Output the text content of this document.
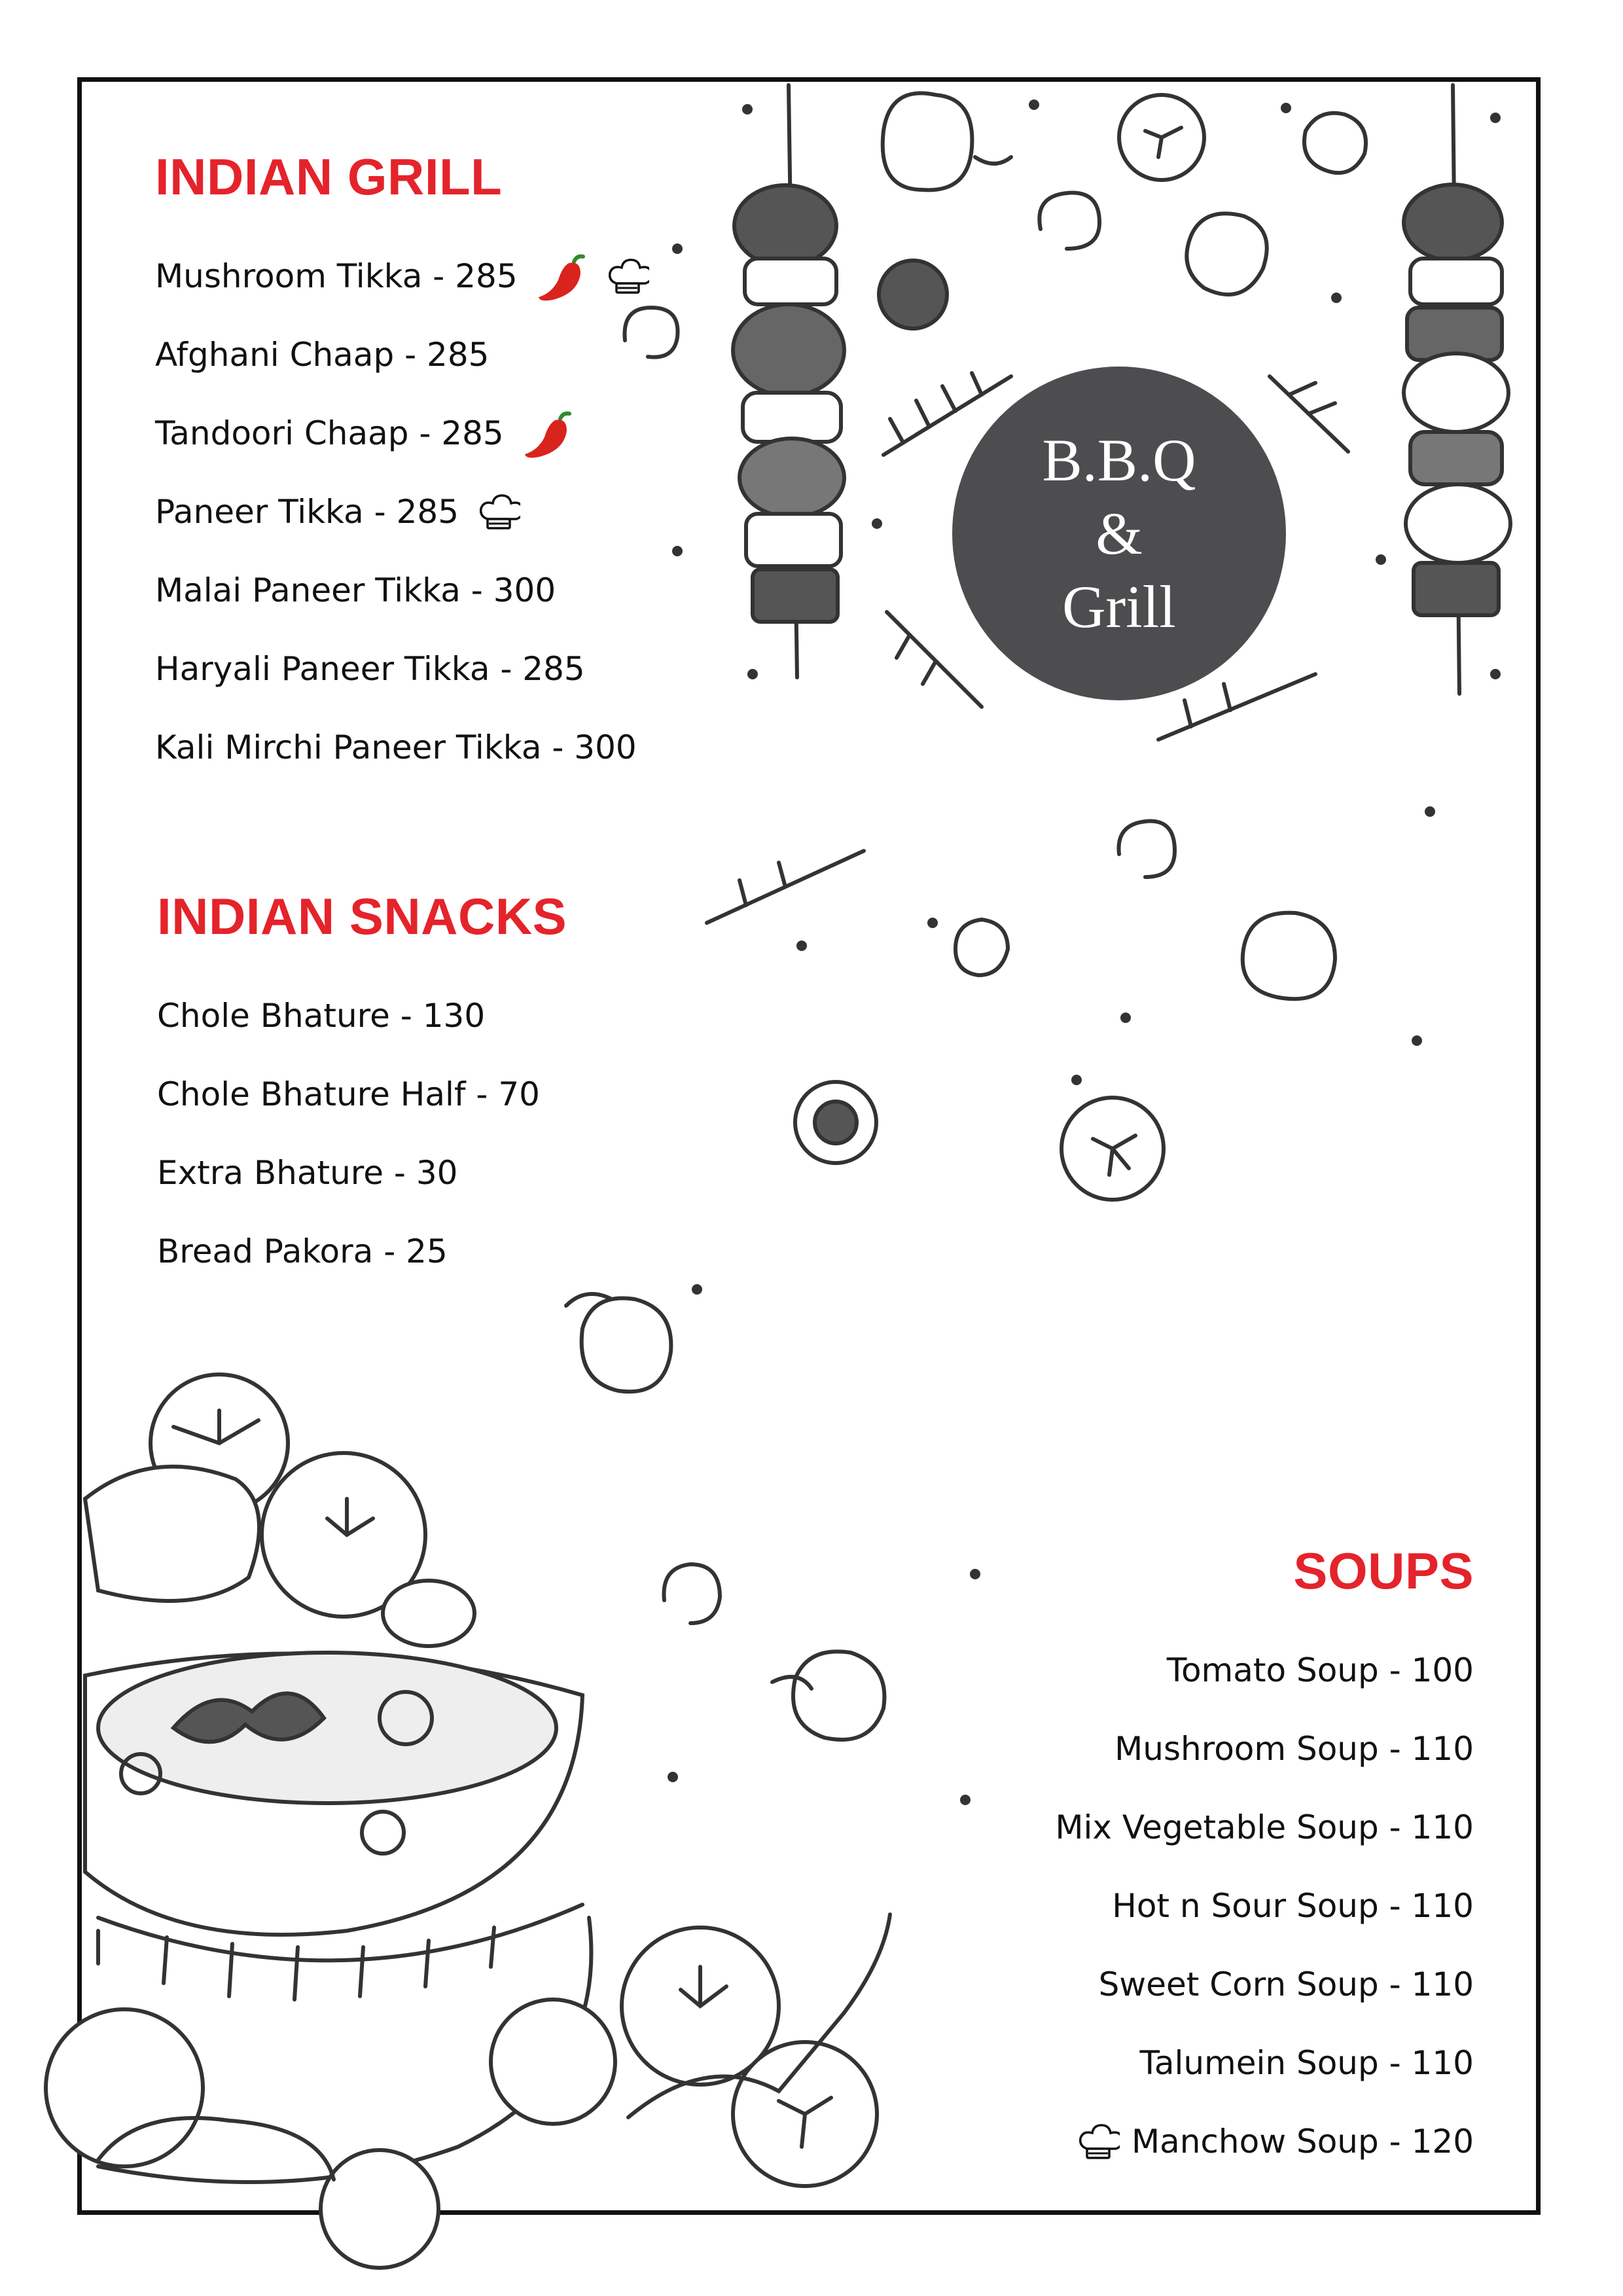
B.B.Q
&
Grill
INDIAN GRILL
Mushroom Tikka - 285
Afghani Chaap - 285
Tandoori Chaap - 285
Paneer Tikka - 285
Malai Paneer Tikka - 300
Haryali Paneer Tikka - 285
Kali Mirchi Paneer Tikka - 300
INDIAN SNACKS
Chole Bhature - 130
Chole Bhature Half - 70
Extra Bhature - 30
Bread Pakora - 25
SOUPS
Tomato Soup - 100
Mushroom Soup - 110
Mix Vegetable Soup - 110
Hot n Sour Soup - 110
Sweet Corn Soup - 110
Talumein Soup - 110
Manchow Soup - 120
